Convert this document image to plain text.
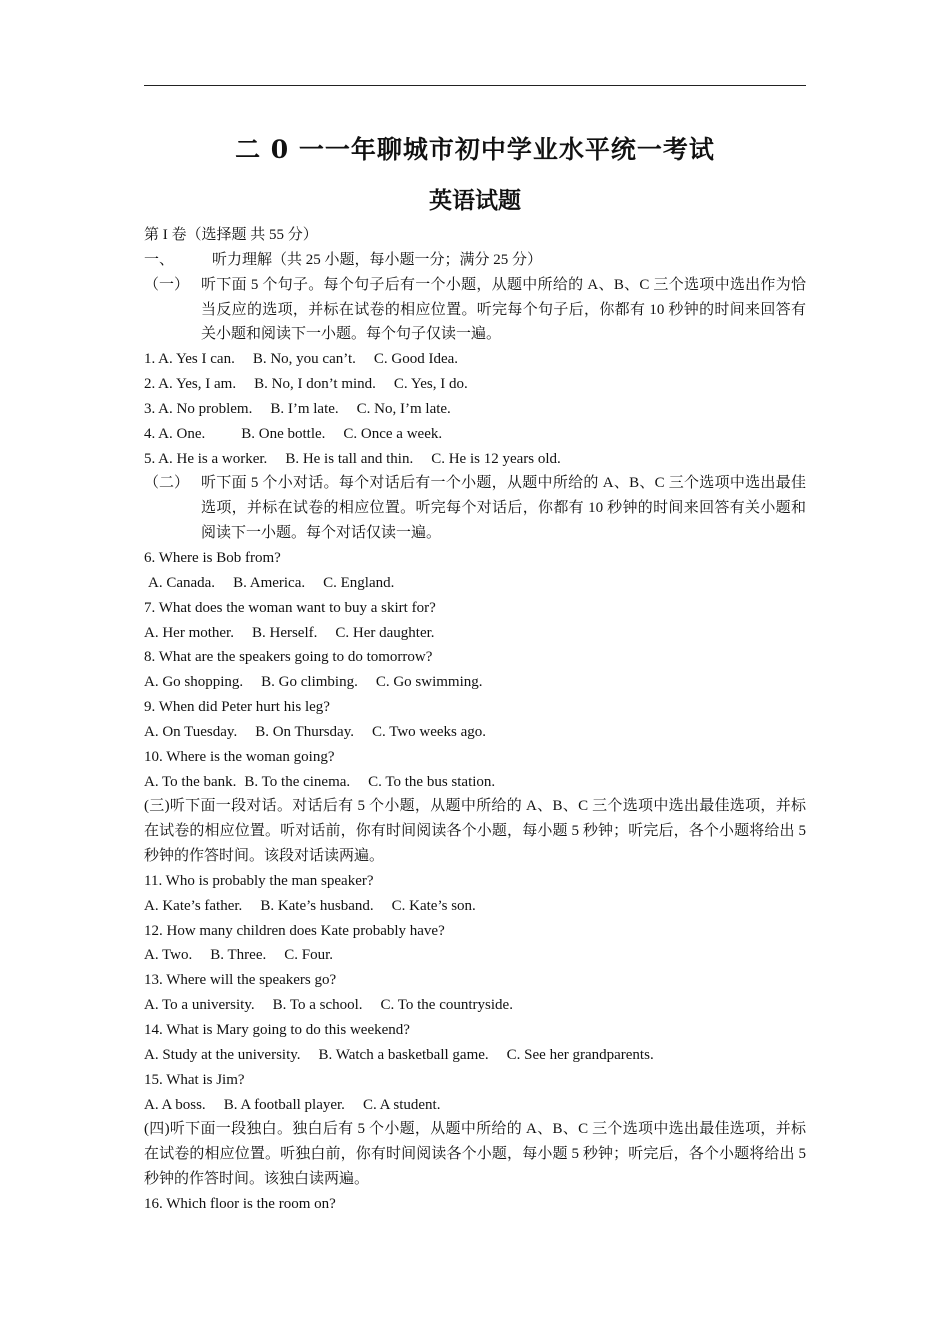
二 0 一一年聊城市初中学业水平统一考试
英语试题
第 I 卷（选择题 共 55 分）
一、	听力理解（共 25 小题，每小题一分；满分 25 分）
（一） 听下面 5 个句子。每个句子后有一个小题，从题中所给的 A、B、C 三个选项中选出作为恰当反应的选项，并标在试卷的相应位置。听完每个句子后，你都有 10 秒钟的时间来回答有关小题和阅读下一小题。每个句子仅读一遍。
1. A. Yes I can. B. No, you can’t. C. Good Idea.
2. A. Yes, I am. B. No, I don’t mind. C. Yes, I do.
3. A. No problem. B. I’m late. C. No, I’m late.
4. A. One. B. One bottle. C. Once a week.
5. A. He is a worker. B. He is tall and thin. C. He is 12 years old.
（二） 听下面 5 个小对话。每个对话后有一个小题，从题中所给的 A、B、C 三个选项中选出最佳选项，并标在试卷的相应位置。听完每个对话后，你都有 10 秒钟的时间来回答有关小题和阅读下一小题。每个对话仅读一遍。
6. Where is Bob from?
A. Canada. B. America. C. England.
7. What does the woman want to buy a skirt for?
A. Her mother. B. Herself. C. Her daughter.
8. What are the speakers going to do tomorrow?
A. Go shopping. B. Go climbing. C. Go swimming.
9. When did Peter hurt his leg?
A. On Tuesday. B. On Thursday. C. Two weeks ago.
10. Where is the woman going?
A. To the bank. B. To the cinema. C. To the bus station.
(三)听下面一段对话。对话后有 5 个小题，从题中所给的 A、B、C 三个选项中选出最佳选项，并标在试卷的相应位置。听对话前，你有时间阅读各个小题，每小题 5 秒钟；听完后，各个小题将给出 5 秒钟的作答时间。该段对话读两遍。
11. Who is probably the man speaker?
A. Kate’s father. B. Kate’s husband. C. Kate’s son.
12. How many children does Kate probably have?
A. Two. B. Three. C. Four.
13. Where will the speakers go?
A. To a university. B. To a school. C. To the countryside.
14. What is Mary going to do this weekend?
A. Study at the university. B. Watch a basketball game. C. See her grandparents.
15. What is Jim?
A. A boss. B. A football player. C. A student.
(四)听下面一段独白。独白后有 5 个小题，从题中所给的 A、B、C 三个选项中选出最佳选项，并标在试卷的相应位置。听独白前，你有时间阅读各个小题，每小题 5 秒钟；听完后，各个小题将给出 5 秒钟的作答时间。该独白读两遍。
16. Which floor is the room on?
